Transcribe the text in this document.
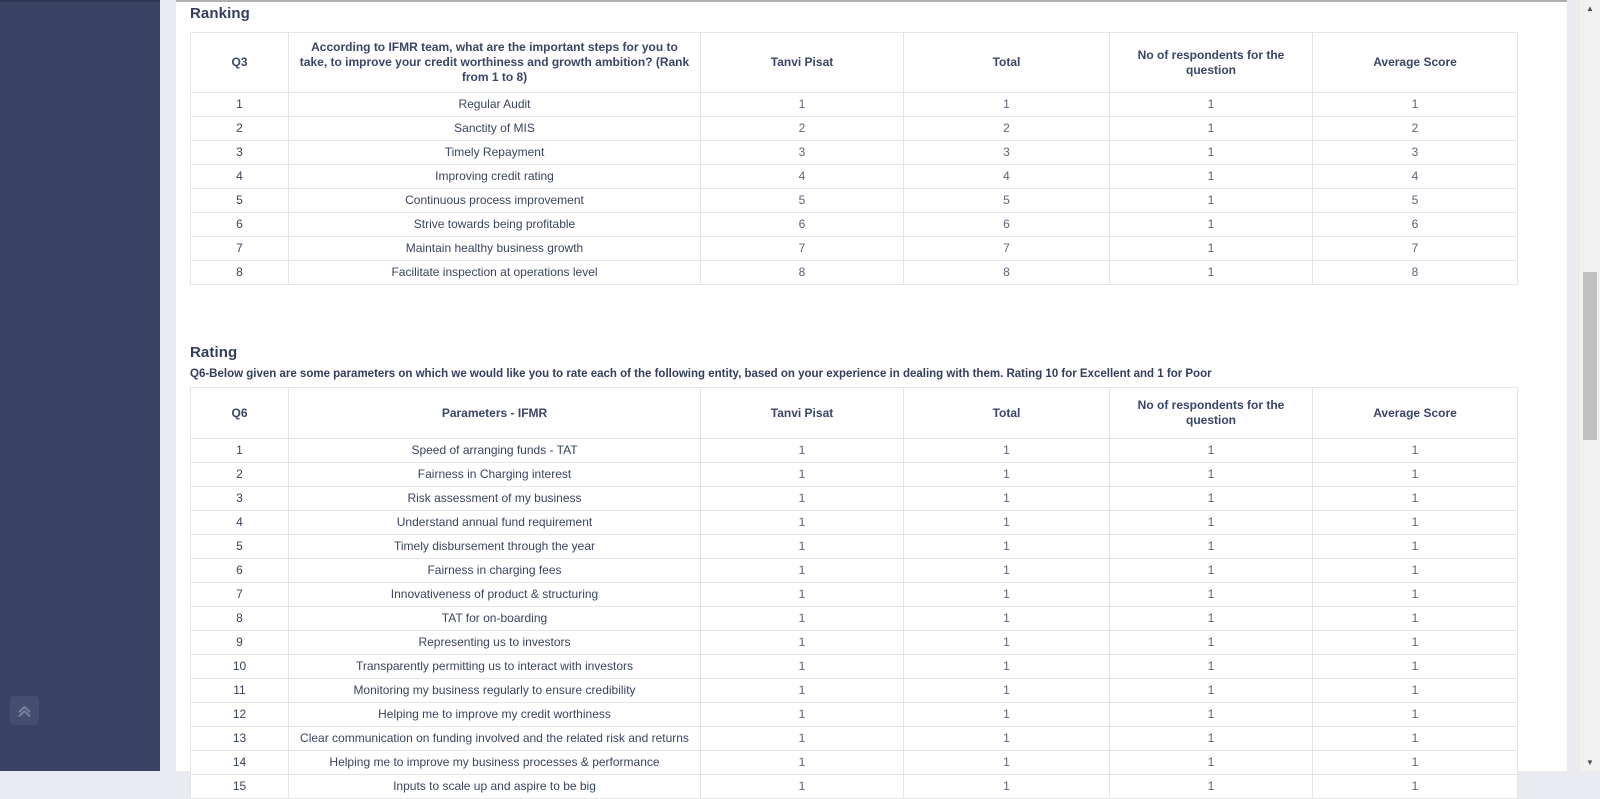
Ranking
Q3	According to IFMR team, what are the important steps for you to take, to improve your credit worthiness and growth ambition? (Rank from 1 to 8)	Tanvi Pisat	Total	No of respondents for the question	Average Score
1	Regular Audit	1	1	1	1
2	Sanctity of MIS	2	2	1	2
3	Timely Repayment	3	3	1	3
4	Improving credit rating	4	4	1	4
5	Continuous process improvement	5	5	1	5
6	Strive towards being profitable	6	6	1	6
7	Maintain healthy business growth	7	7	1	7
8	Facilitate inspection at operations level	8	8	1	8
Rating

Q6-Below given are some parameters on which we would like you to rate each of the following entity, based on your experience in dealing with them. Rating 10 for Excellent and 1 for Poor

Q6	Parameters - IFMR	Tanvi Pisat	Total	No of respondents for the question	Average Score
1	Speed of arranging funds - TAT	1	1	1	1
2	Fairness in Charging interest	1	1	1	1
3	Risk assessment of my business	1	1	1	1
4	Understand annual fund requirement	1	1	1	1
5	Timely disbursement through the year	1	1	1	1
6	Fairness in charging fees	1	1	1	1
7	Innovativeness of product & structuring	1	1	1	1
8	TAT for on-boarding	1	1	1	1
9	Representing us to investors	1	1	1	1
10	Transparently permitting us to interact with investors	1	1	1	1
11	Monitoring my business regularly to ensure credibility	1	1	1	1
12	Helping me to improve my credit worthiness	1	1	1	1
13	Clear communication on funding involved and the related risk and returns	1	1	1	1
14	Helping me to improve my business processes & performance	1	1	1	1
15	Inputs to scale up and aspire to be big	1	1	1	1
▲
▼
